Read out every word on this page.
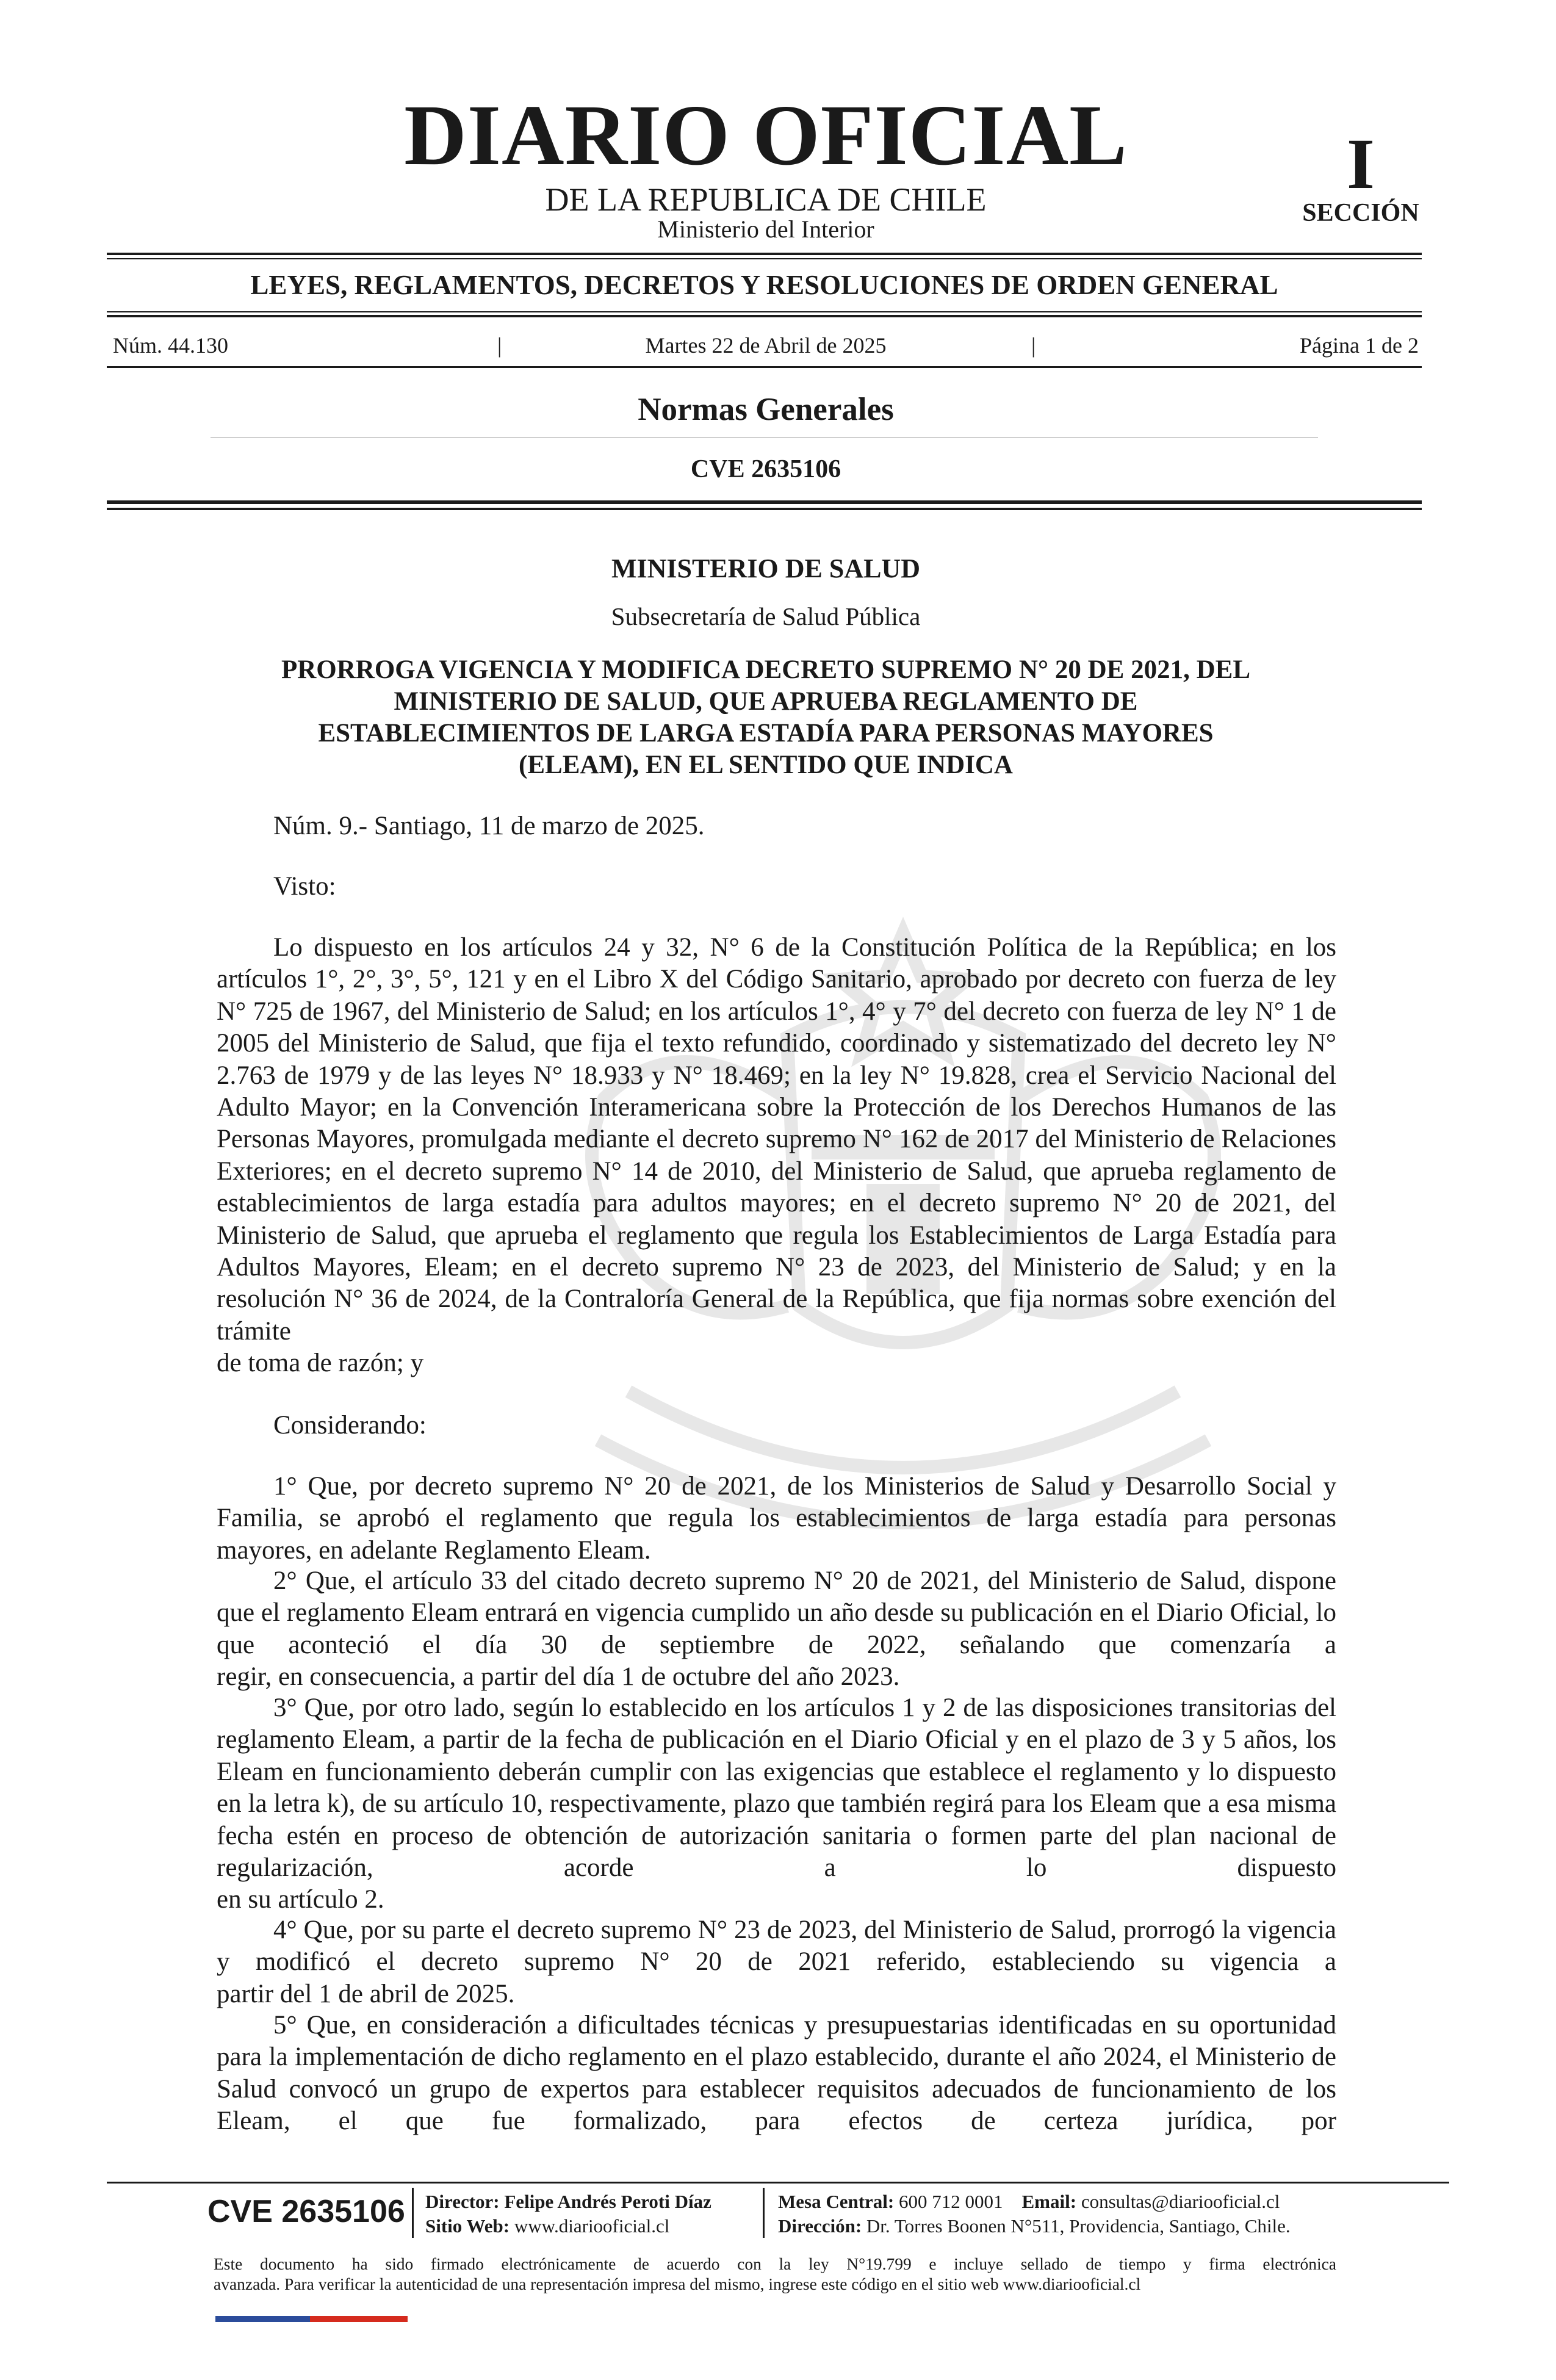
DIARIO OFICIAL
DE LA REPUBLICA DE CHILE
Ministerio del Interior
I
SECCIÓN
LEYES, REGLAMENTOS, DECRETOS Y RESOLUCIONES DE ORDEN GENERAL
Núm. 44.130	|	Martes 22 de Abril de 2025	|	Página 1 de 2
Normas Generales
CVE 2635106
MINISTERIO DE SALUD
Subsecretaría de Salud Pública
PRORROGA VIGENCIA Y MODIFICA DECRETO SUPREMO N° 20 DE 2021, DEL
MINISTERIO DE SALUD, QUE APRUEBA REGLAMENTO DE
ESTABLECIMIENTOS DE LARGA ESTADÍA PARA PERSONAS MAYORES
(ELEAM), EN EL SENTIDO QUE INDICA
Núm. 9.- Santiago, 11 de marzo de 2025.
Visto:
Lo dispuesto en los artículos 24 y 32, N° 6 de la Constitución Política de la República; en los artículos 1°, 2°, 3°, 5°, 121 y en el Libro X del Código Sanitario, aprobado por decreto con fuerza de ley N° 725 de 1967, del Ministerio de Salud; en los artículos 1°, 4° y 7° del decreto con fuerza de ley N° 1 de 2005 del Ministerio de Salud, que fija el texto refundido, coordinado y sistematizado del decreto ley N° 2.763 de 1979 y de las leyes N° 18.933 y N° 18.469; en la ley N° 19.828, crea el Servicio Nacional del Adulto Mayor; en la Convención Interamericana sobre la Protección de los Derechos Humanos de las Personas Mayores, promulgada mediante el decreto supremo N° 162 de 2017 del Ministerio de Relaciones Exteriores; en el decreto supremo N° 14 de 2010, del Ministerio de Salud, que aprueba reglamento de establecimientos de larga estadía para adultos mayores; en el decreto supremo N° 20 de 2021, del Ministerio de Salud, que aprueba el reglamento que regula los Establecimientos de Larga Estadía para Adultos Mayores, Eleam; en el decreto supremo N° 23 de 2023, del Ministerio de Salud; y en la resolución N° 36 de 2024, de la Contraloría General de la República, que fija normas sobre exención del trámite
de toma de razón; y
Considerando:
1° Que, por decreto supremo N° 20 de 2021, de los Ministerios de Salud y Desarrollo Social y Familia, se aprobó el reglamento que regula los establecimientos de larga estadía para personas
mayores, en adelante Reglamento Eleam.
2° Que, el artículo 33 del citado decreto supremo N° 20 de 2021, del Ministerio de Salud, dispone que el reglamento Eleam entrará en vigencia cumplido un año desde su publicación en el Diario Oficial, lo que aconteció el día 30 de septiembre de 2022, señalando que comenzaría a
regir, en consecuencia, a partir del día 1 de octubre del año 2023.
3° Que, por otro lado, según lo establecido en los artículos 1 y 2 de las disposiciones transitorias del reglamento Eleam, a partir de la fecha de publicación en el Diario Oficial y en el plazo de 3 y 5 años, los Eleam en funcionamiento deberán cumplir con las exigencias que establece el reglamento y lo dispuesto en la letra k), de su artículo 10, respectivamente, plazo que también regirá para los Eleam que a esa misma fecha estén en proceso de obtención de autorización sanitaria o formen parte del plan nacional de regularización, acorde a lo dispuesto
en su artículo 2.
4° Que, por su parte el decreto supremo N° 23 de 2023, del Ministerio de Salud, prorrogó la vigencia y modificó el decreto supremo N° 20 de 2021 referido, estableciendo su vigencia a
partir del 1 de abril de 2025.
5° Que, en consideración a dificultades técnicas y presupuestarias identificadas en su oportunidad para la implementación de dicho reglamento en el plazo establecido, durante el año 2024, el Ministerio de Salud convocó un grupo de expertos para establecer requisitos adecuados de funcionamiento de los Eleam, el que fue formalizado, para efectos de certeza jurídica, por
CVE 2635106 Director: Felipe Andrés Peroti Díaz
Sitio Web: www.diariooficial.cl
Mesa Central: 600 712 0001 Email: consultas@diariooficial.cl
Dirección: Dr. Torres Boonen N°511, Providencia, Santiago, Chile.
Este documento ha sido firmado electrónicamente de acuerdo con la ley N°19.799 e incluye sellado de tiempo y firma electrónica
avanzada. Para verificar la autenticidad de una representación impresa del mismo, ingrese este código en el sitio web www.diariooficial.cl
